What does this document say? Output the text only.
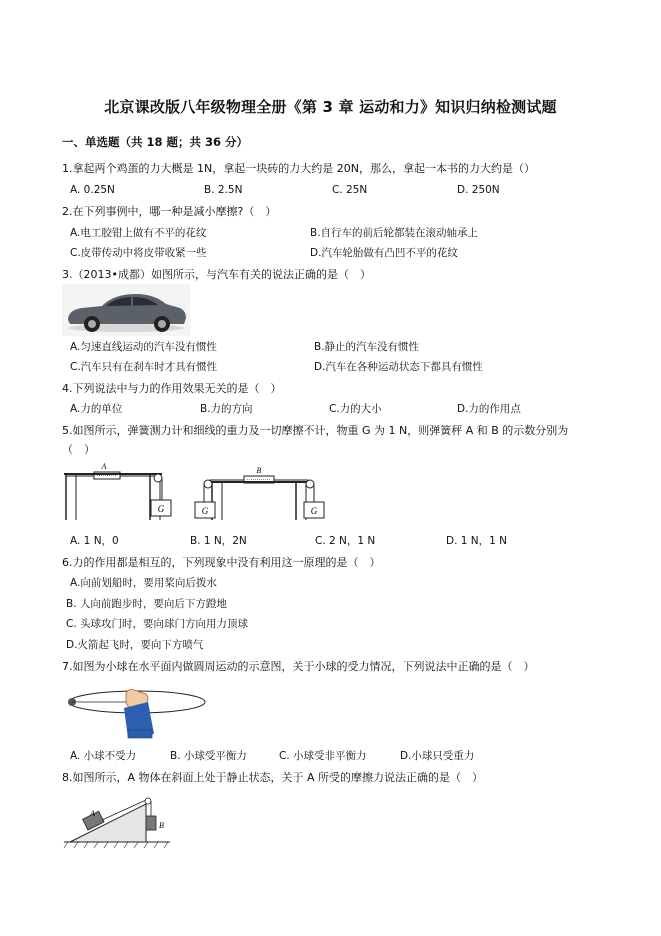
北京课改版八年级物理全册《第 3 章 运动和力》知识归纳检测试题
一、单选题（共 18 题；共 36 分）
1.拿起两个鸡蛋的力大概是 1N，拿起一块砖的力大约是 20N，那么，拿起一本书的力大约是（）
A. 0.25N	B. 2.5N	C. 25N	D. 250N
2.在下列事例中，哪一种是减小摩擦?（　）
A.电工胶钳上做有不平的花纹	B.自行车的前后轮都装在滚动轴承上
C.皮带传动中将皮带收紧一些	D.汽车轮胎做有凸凹不平的花纹
3.（2013•成都）如图所示，与汽车有关的说法正确的是（　）
A.匀速直线运动的汽车没有惯性	B.静止的汽车没有惯性
C.汽车只有在刹车时才具有惯性	D.汽车在各种运动状态下都具有惯性
4.下列说法中与力的作用效果无关的是（　）
A.力的单位	B.力的方向	C.力的大小	D.力的作用点
5.如图所示，弹簧测力计和细线的重力及一切摩擦不计，物重 G 为 1 N，则弹簧秤 A 和 B 的示数分别为
（　）
G
A
G	G
B
A. 1 N，0	B. 1 N，2N	C. 2 N，1 N	D. 1 N，1 N
6.力的作用都是相互的，下列现象中没有利用这一原理的是（　）
A.向前划船时，要用桨向后拨水
B. 人向前跑步时，要向后下方蹬地
C. 头球攻门时，要向球门方向用力顶球
D.火箭起飞时，要向下方喷气
7.如图为小球在水平面内做圆周运动的示意图，关于小球的受力情况，下列说法中正确的是（　）
A. 小球不受力	B. 小球受平衡力	C. 小球受非平衡力	D.小球只受重力
8.如图所示，A 物体在斜面上处于静止状态，关于 A 所受的摩擦力说法正确的是（　）
A
B
